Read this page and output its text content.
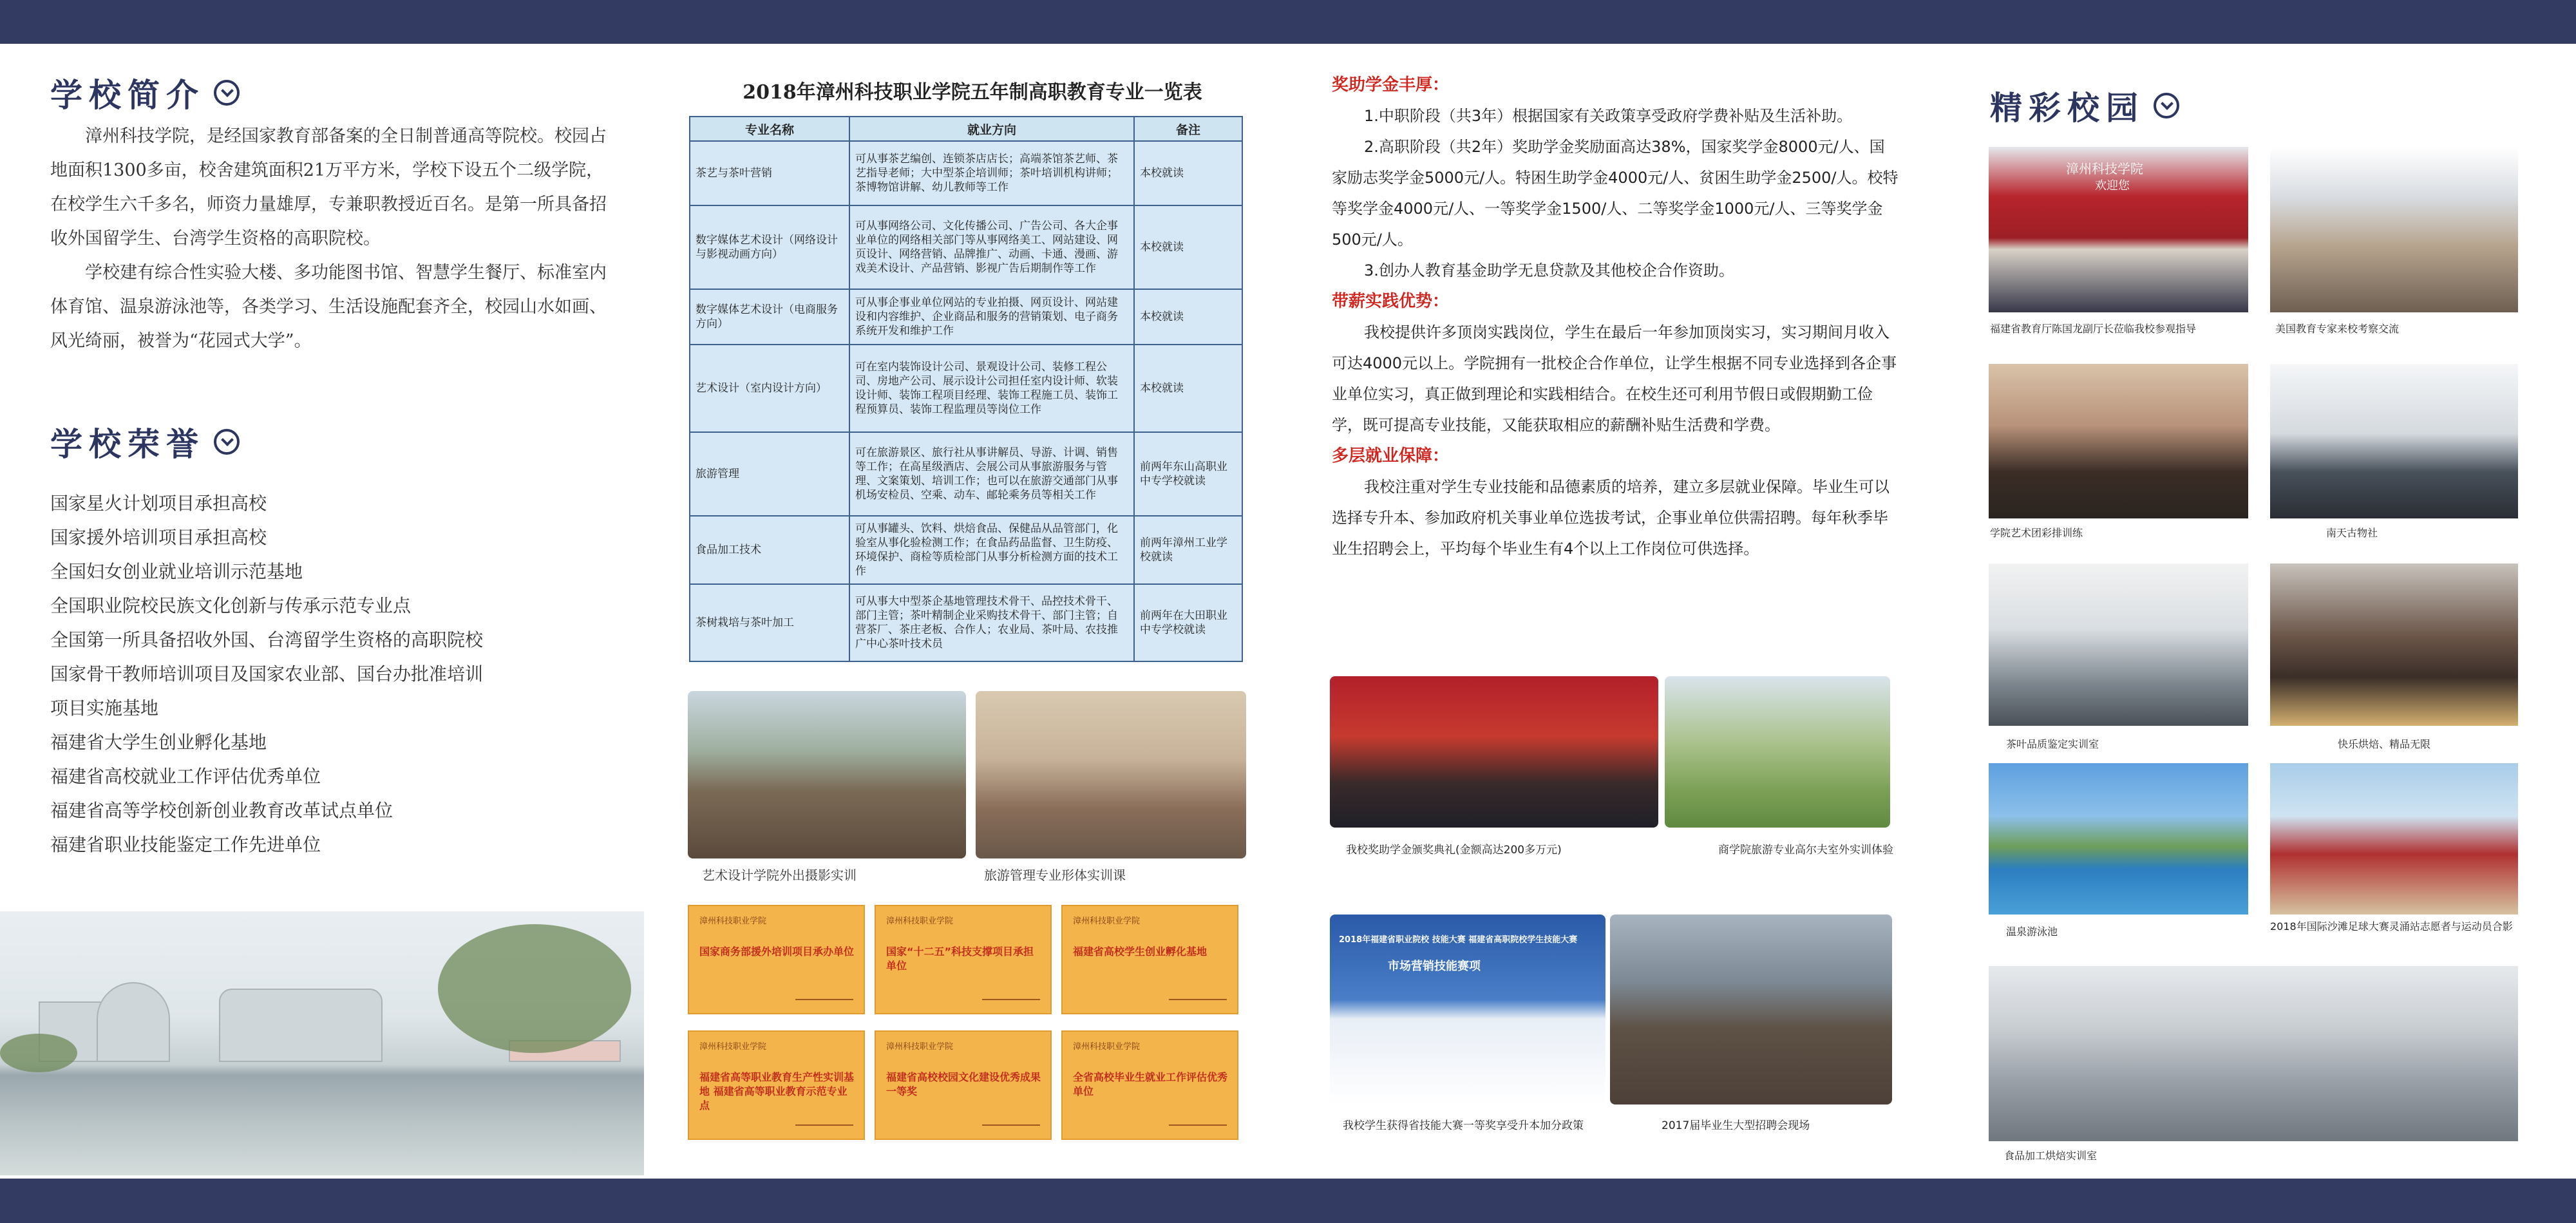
学校简介

漳州科技学院，是经国家教育部备案的全日制普通高等院校。校园占地面积1300多亩，校舍建筑面积21万平方米，学校下设五个二级学院，在校学生六千多名，师资力量雄厚，专兼职教授近百名。是第一所具备招收外国留学生、台湾学生资格的高职院校。

学校建有综合性实验大楼、多功能图书馆、智慧学生餐厅、标准室内体育馆、温泉游泳池等，各类学习、生活设施配套齐全，校园山水如画、风光绮丽，被誉为“花园式大学”。

学校荣誉
国家星火计划项目承担高校
国家援外培训项目承担高校
全国妇女创业就业培训示范基地
全国职业院校民族文化创新与传承示范专业点
全国第一所具备招收外国、台湾留学生资格的高职院校
国家骨干教师培训项目及国家农业部、国台办批准培训
项目实施基地
福建省大学生创业孵化基地
福建省高校就业工作评估优秀单位
福建省高等学校创新创业教育改革试点单位
福建省职业技能鉴定工作先进单位
2018年漳州科技职业学院五年制高职教育专业一览表
专业名称	就业方向	备注
茶艺与茶叶营销	可从事茶艺编创、连锁茶店店长；高端茶馆茶艺师、茶艺指导老师；大中型茶企培训师；茶叶培训机构讲师；茶博物馆讲解、幼儿教师等工作	本校就读
数字媒体艺术设计（网络设计与影视动画方向）	可从事网络公司、文化传播公司、广告公司、各大企事业单位的网络相关部门等从事网络美工、网站建设、网页设计、网络营销、品牌推广、动画、卡通、漫画、游戏美术设计、产品营销、影视广告后期制作等工作	本校就读
数字媒体艺术设计（电商服务方向）	可从事企事业单位网站的专业拍摄、网页设计、网站建设和内容维护、企业商品和服务的营销策划、电子商务系统开发和维护工作	本校就读
艺术设计（室内设计方向）	可在室内装饰设计公司、景观设计公司、装修工程公司、房地产公司、展示设计公司担任室内设计师、软装设计师、装饰工程项目经理、装饰工程施工员、装饰工程预算员、装饰工程监理员等岗位工作	本校就读
旅游管理	可在旅游景区、旅行社从事讲解员、导游、计调、销售等工作；在高星级酒店、会展公司从事旅游服务与管理、文案策划、培训工作；也可以在旅游交通部门从事机场安检员、空乘、动车、邮轮乘务员等相关工作	前两年东山高职业中专学校就读
食品加工技术	可从事罐头、饮料、烘焙食品、保健品从品管部门，化验室从事化验检测工作；在食品药品监督、卫生防疫、环境保护、商检等质检部门从事分析检测方面的技术工作	前两年漳州工业学校就读
茶树栽培与茶叶加工	可从事大中型茶企基地管理技术骨干、品控技术骨干、部门主管；茶叶精制企业采购技术骨干、部门主管；自营茶厂、茶庄老板、合作人；农业局、茶叶局、农技推广中心茶叶技术员	前两年在大田职业中专学校就读
艺术设计学院外出摄影实训	旅游管理专业形体实训课
漳州科技职业学院
国家商务部援外培训项目承办单位
漳州科技职业学院
国家“十二五”科技支撑项目承担单位
漳州科技职业学院
福建省高校学生创业孵化基地
漳州科技职业学院
福建省高等职业教育生产性实训基地 福建省高等职业教育示范专业点
漳州科技职业学院
福建省高校校园文化建设优秀成果一等奖
漳州科技职业学院
全省高校毕业生就业工作评估优秀单位
奖助学金丰厚：

1.中职阶段（共3年）根据国家有关政策享受政府学费补贴及生活补助。

2.高职阶段（共2年）奖助学金奖励面高达38%，国家奖学金8000元/人、国家励志奖学金5000元/人。特困生助学金4000元/人、贫困生助学金2500/人。校特等奖学金4000元/人、一等奖学金1500/人、二等奖学金1000元/人、三等奖学金500元/人。

3.创办人教育基金助学无息贷款及其他校企合作资助。

带薪实践优势：

我校提供许多顶岗实践岗位，学生在最后一年参加顶岗实习，实习期间月收入可达4000元以上。学院拥有一批校企合作单位，让学生根据不同专业选择到各企事业单位实习，真正做到理论和实践相结合。在校生还可利用节假日或假期勤工俭学，既可提高专业技能，又能获取相应的薪酬补贴生活费和学费。

多层就业保障：

我校注重对学生专业技能和品德素质的培养，建立多层就业保障。毕业生可以选择专升本、参加政府机关事业单位选拔考试，企事业单位供需招聘。每年秋季毕业生招聘会上，平均每个毕业生有4个以上工作岗位可供选择。

我校奖助学金颁奖典礼(金额高达200多万元)	商学院旅游专业高尔夫室外实训体验
2018年福建省职业院校 技能大赛 福建省高职院校学生技能大赛
市场营销技能赛项
我校学生获得省技能大赛一等奖享受升本加分政策	2017届毕业生大型招聘会现场
精彩校园
漳州科技学院
欢迎您
福建省教育厅陈国龙副厅长莅临我校参观指导	美国教育专家来校考察交流
学院艺术团彩排训练	南天古物社
茶叶品质鉴定实训室	快乐烘焙、精品无限
温泉游泳池	2018年国际沙滩足球大赛灵涌站志愿者与运动员合影
食品加工烘焙实训室
